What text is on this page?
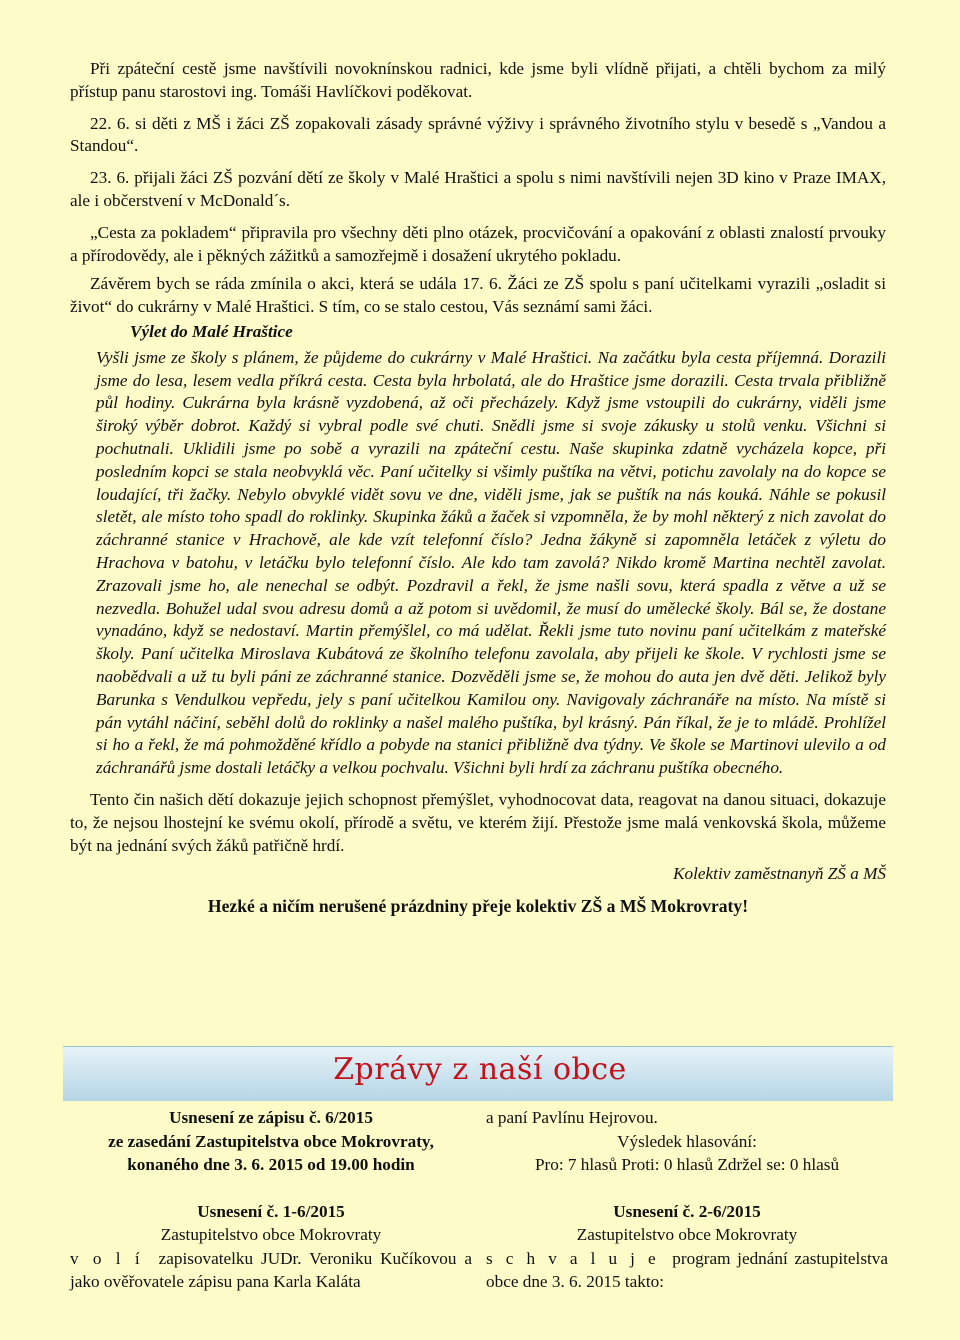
Při zpáteční cestě jsme navštívili novoknínskou radnici, kde jsme byli vlídně přijati, a chtěli bychom za milý přístup panu starostovi ing. Tomáši Havlíčkovi poděkovat.

22. 6. si děti z MŠ i žáci ZŠ zopakovali zásady správné výživy i správného životního stylu v besedě s „Vandou a Standou“.

23. 6. přijali žáci ZŠ pozvání dětí ze školy v Malé Hraštici a spolu s nimi navštívili nejen 3D kino v Praze IMAX, ale i občerstvení v McDonald´s.

„Cesta za pokladem“ připravila pro všechny děti plno otázek, procvičování a opakování z oblasti znalostí prvouky a přírodovědy, ale i pěkných zážitků a samozřejmě i dosažení ukrytého pokladu.

Závěrem bych se ráda zmínila o akci, která se udála 17. 6. Žáci ze ZŠ spolu s paní učitelkami vyrazili „osladit si život“ do cukrárny v Malé Hraštici. S tím, co se stalo cestou, Vás seznámí sami žáci.

Výlet do Malé Hraštice

Vyšli jsme ze školy s plánem, že půjdeme do cukrárny v Malé Hraštici. Na začátku byla cesta příjemná. Dorazili jsme do lesa, lesem vedla příkrá cesta. Cesta byla hrbolatá, ale do Hraštice jsme dorazili. Cesta trvala přibližně půl hodiny. Cukrárna byla krásně vyzdobená, až oči přecházely. Když jsme vstoupili do cukrárny, viděli jsme široký výběr dobrot. Každý si vybral podle své chuti. Snědli jsme si svoje zákusky u stolů venku. Všichni si pochutnali. Uklidili jsme po sobě a vyrazili na zpáteční cestu. Naše skupinka zdatně vycházela kopce, při posledním kopci se stala neobvyklá věc. Paní učitelky si všimly puštíka na větvi, potichu zavolaly na do kopce se loudající, tři žačky. Nebylo obvyklé vidět sovu ve dne, viděli jsme, jak se puštík na nás kouká. Náhle se pokusil sletět, ale místo toho spadl do roklinky. Skupinka žáků a žaček si vzpomněla, že by mohl některý z nich zavolat do záchranné stanice v Hrachově, ale kde vzít telefonní číslo? Jedna žákyně si zapomněla letáček z výletu do Hrachova v batohu, v letáčku bylo telefonní číslo. Ale kdo tam zavolá? Nikdo kromě Martina nechtěl zavolat. Zrazovali jsme ho, ale nenechal se odbýt. Pozdravil a řekl, že jsme našli sovu, která spadla z větve a už se nezvedla. Bohužel udal svou adresu domů a až potom si uvědomil, že musí do umělecké školy. Bál se, že dostane vynadáno, když se nedostaví. Martin přemýšlel, co má udělat. Řekli jsme tuto novinu paní učitelkám z mateřské školy. Paní učitelka Miroslava Kubátová ze školního telefonu zavolala, aby přijeli ke škole. V rychlosti jsme se naobědvali a už tu byli páni ze záchranné stanice. Dozvěděli jsme se, že mohou do auta jen dvě děti. Jelikož byly Barunka s Vendulkou vepředu, jely s paní učitelkou Kamilou ony. Navigovaly záchranáře na místo. Na místě si pán vytáhl náčiní, seběhl dolů do roklinky a našel malého puštíka, byl krásný. Pán říkal, že je to mládě. Prohlížel si ho a řekl, že má pohmožděné křídlo a pobyde na stanici přibližně dva týdny. Ve škole se Martinovi ulevilo a od záchranářů jsme dostali letáčky a velkou pochvalu. Všichni byli hrdí za záchranu puštíka obecného.

Tento čin našich dětí dokazuje jejich schopnost přemýšlet, vyhodnocovat data, reagovat na danou situaci, dokazuje to, že nejsou lhostejní ke svému okolí, přírodě a světu, ve kterém žijí. Přestože jsme malá venkovská škola, můžeme být na jednání svých žáků patřičně hrdí.

Kolektiv zaměstnanyň ZŠ a MŠ

Hezké a ničím nerušené prázdniny přeje kolektiv ZŠ a MŠ Mokrovraty!

Zprávy z naší obce
Usnesení ze zápisu č. 6/2015
ze zasedání Zastupitelstva obce Mokrovraty,
konaného dne 3. 6. 2015 od 19.00 hodin
Usnesení č. 1-6/2015
Zastupitelstvo obce Mokrovraty

v o l í zapisovatelku JUDr. Veroniku Kučíkovou a jako ověřovatele zápisu pana Karla Kaláta

a paní Pavlínu Hejrovou.
Výsledek hlasování:
Pro: 7 hlasů Proti: 0 hlasů Zdržel se: 0 hlasů
Usnesení č. 2-6/2015
Zastupitelstvo obce Mokrovraty

s c h v a l u j e program jednání zastupitelstva obce dne 3. 6. 2015 takto:
